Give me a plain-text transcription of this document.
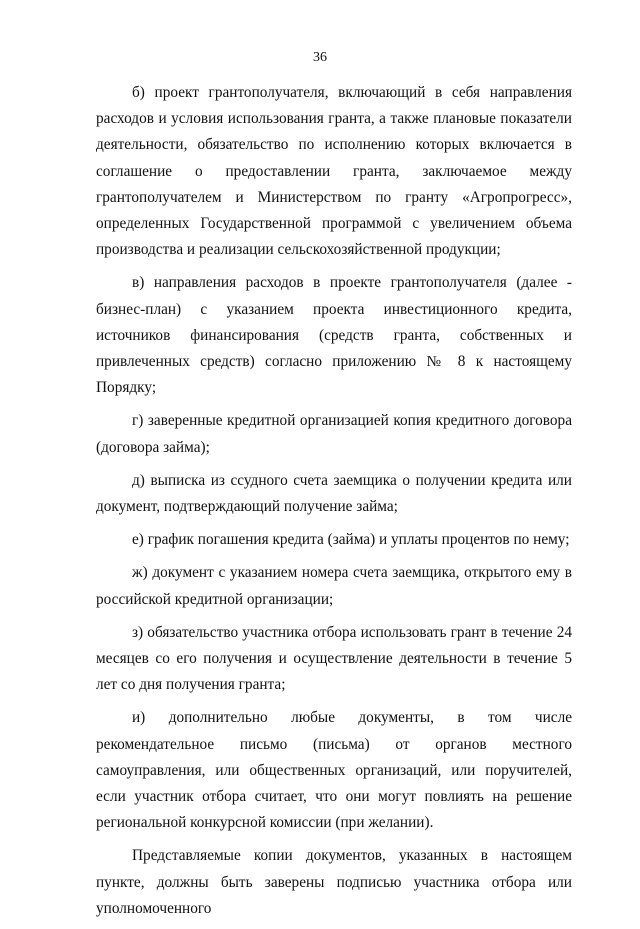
36

б) проект грантополучателя, включающий в себя направления расходов и условия использования гранта, а также плановые показатели деятельности, обязательство по исполнению которых включается в соглашение о предоставлении гранта, заключаемое между грантополучателем и Министерством по гранту «Агропрогресс», определенных Государственной программой с увеличением объема производства и реализации сельскохозяйственной продукции;

в) направления расходов в проекте грантополучателя (далее - бизнес-план) с указанием проекта инвестиционного кредита, источников финансирования (средств гранта, собственных и привлеченных средств) согласно приложению № 8 к настоящему Порядку;

г) заверенные кредитной организацией копия кредитного договора (договора займа);

д) выписка из ссудного счета заемщика о получении кредита или документ, подтверждающий получение займа;

е) график погашения кредита (займа) и уплаты процентов по нему;

ж) документ с указанием номера счета заемщика, открытого ему в российской кредитной организации;

з) обязательство участника отбора использовать грант в течение 24 месяцев со его получения и осуществление деятельности в течение 5 лет со дня получения гранта;

и) дополнительно любые документы, в том числе рекомендательное письмо (письма) от органов местного самоуправления, или общественных организаций, или поручителей, если участник отбора считает, что они могут повлиять на решение региональной конкурсной комиссии (при желании).

Представляемые копии документов, указанных в настоящем пункте, должны быть заверены подписью участника отбора или уполномоченного
